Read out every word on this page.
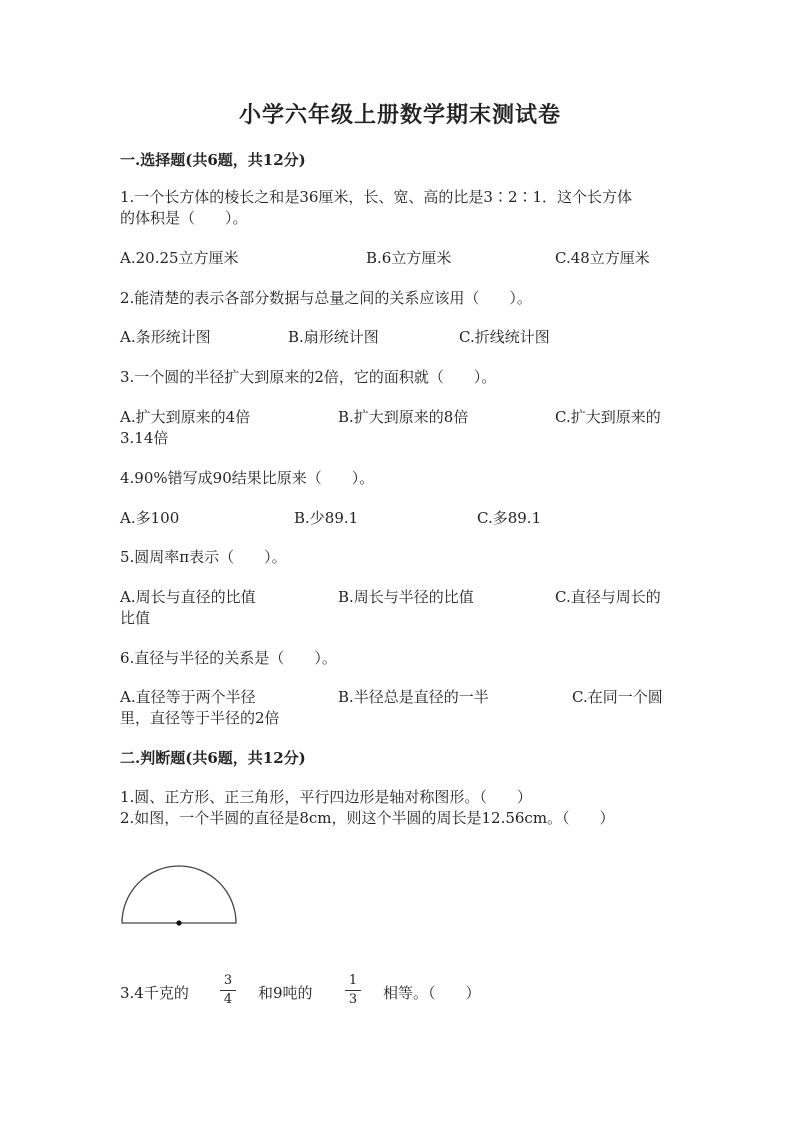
小学六年级上册数学期末测试卷
一.选择题(共6题，共12分)
1.一个长方体的棱长之和是36厘米，长、宽、高的比是3∶2∶1．这个长方体
的体积是（　　）。
A.20.25立方厘米	B.6立方厘米	C.48立方厘米
2.能清楚的表示各部分数据与总量之间的关系应该用（　　）。
A.条形统计图	B.扇形统计图	C.折线统计图
3.一个圆的半径扩大到原来的2倍，它的面积就（　　）。
A.扩大到原来的4倍	B.扩大到原来的8倍	C.扩大到原来的
3.14倍
4.90%错写成90结果比原来（　　）。
A.多100	B.少89.1	C.多89.1
5.圆周率π表示（　　）。
A.周长与直径的比值	B.周长与半径的比值	C.直径与周长的
比值
6.直径与半径的关系是（　　）。
A.直径等于两个半径	B.半径总是直径的一半	C.在同一个圆
里，直径等于半径的2倍
二.判断题(共6题，共12分)
1.圆、正方形、正三角形，平行四边形是轴对称图形。（　　）
2.如图，一个半圆的直径是8cm，则这个半圆的周长是12.56cm。（　　）
3.4千克的
3
4	和9吨的
1
3	相等。（　　）
